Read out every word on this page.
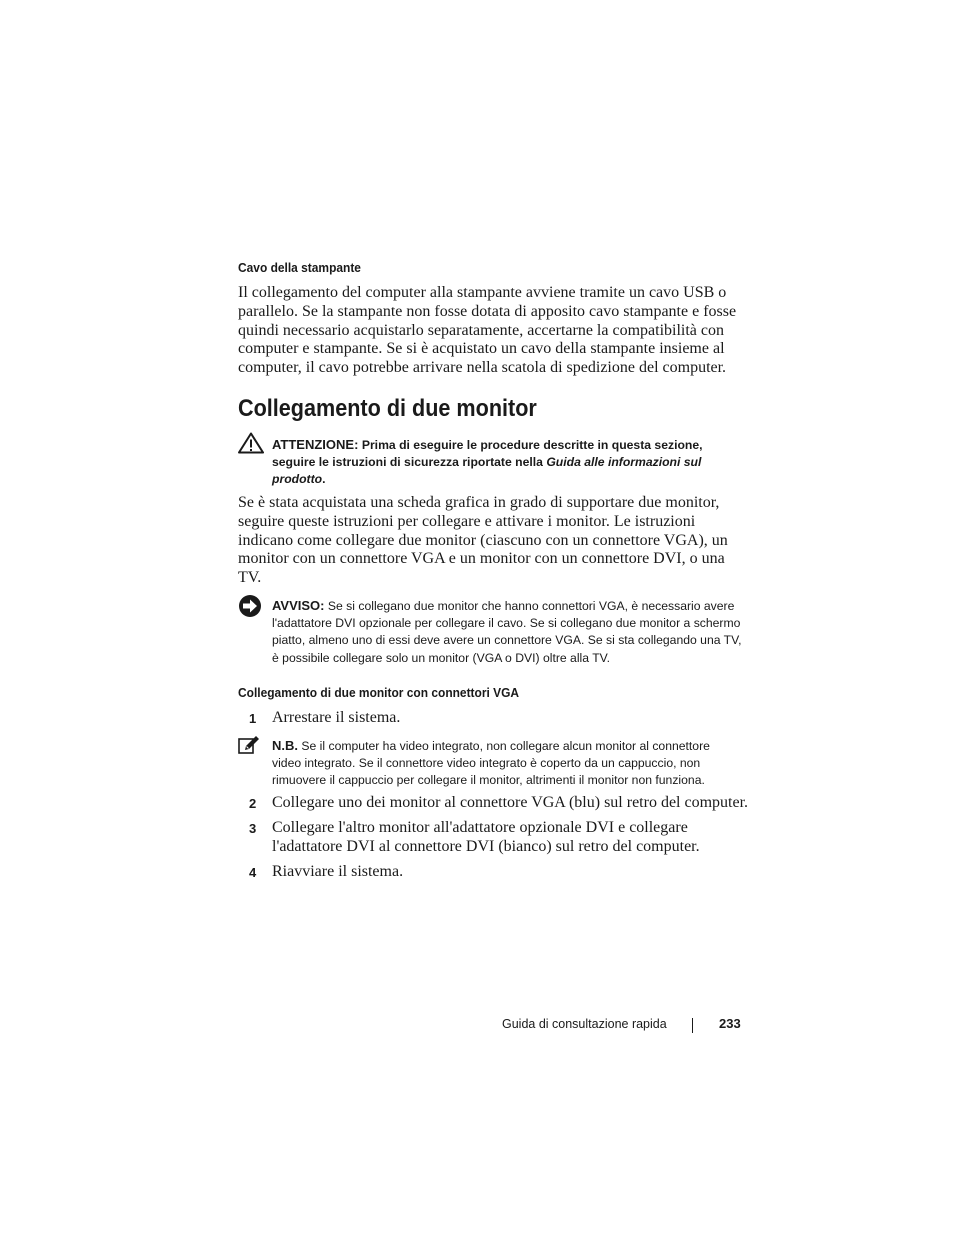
Cavo della stampante
Il collegamento del computer alla stampante avviene tramite un cavo USB o parallelo. Se la stampante non fosse dotata di apposito cavo stampante e fosse quindi necessario acquistarlo separatamente, accertarne la compatibilità con computer e stampante. Se si è acquistato un cavo della stampante insieme al computer, il cavo potrebbe arrivare nella scatola di spedizione del computer.
Collegamento di due monitor
ATTENZIONE: Prima di eseguire le procedure descritte in questa sezione, seguire le istruzioni di sicurezza riportate nella Guida alle informazioni sul prodotto.
Se è stata acquistata una scheda grafica in grado di supportare due monitor, seguire queste istruzioni per collegare e attivare i monitor. Le istruzioni indicano come collegare due monitor (ciascuno con un connettore VGA), un monitor con un connettore VGA e un monitor con un connettore DVI, o una TV.
AVVISO: Se si collegano due monitor che hanno connettori VGA, è necessario avere l'adattatore DVI opzionale per collegare il cavo. Se si collegano due monitor a schermo piatto, almeno uno di essi deve avere un connettore VGA. Se si sta collegando una TV, è possibile collegare solo un monitor (VGA o DVI) oltre alla TV.
Collegamento di due monitor con connettori VGA
1 Arrestare il sistema.
N.B. Se il computer ha video integrato, non collegare alcun monitor al connettore video integrato. Se il connettore video integrato è coperto da un cappuccio, non rimuovere il cappuccio per collegare il monitor, altrimenti il monitor non funziona.
2 Collegare uno dei monitor al connettore VGA (blu) sul retro del computer.
3 Collegare l'altro monitor all'adattatore opzionale DVI e collegare l'adattatore DVI al connettore DVI (bianco) sul retro del computer.
4 Riavviare il sistema.
Guida di consultazione rapida	233
